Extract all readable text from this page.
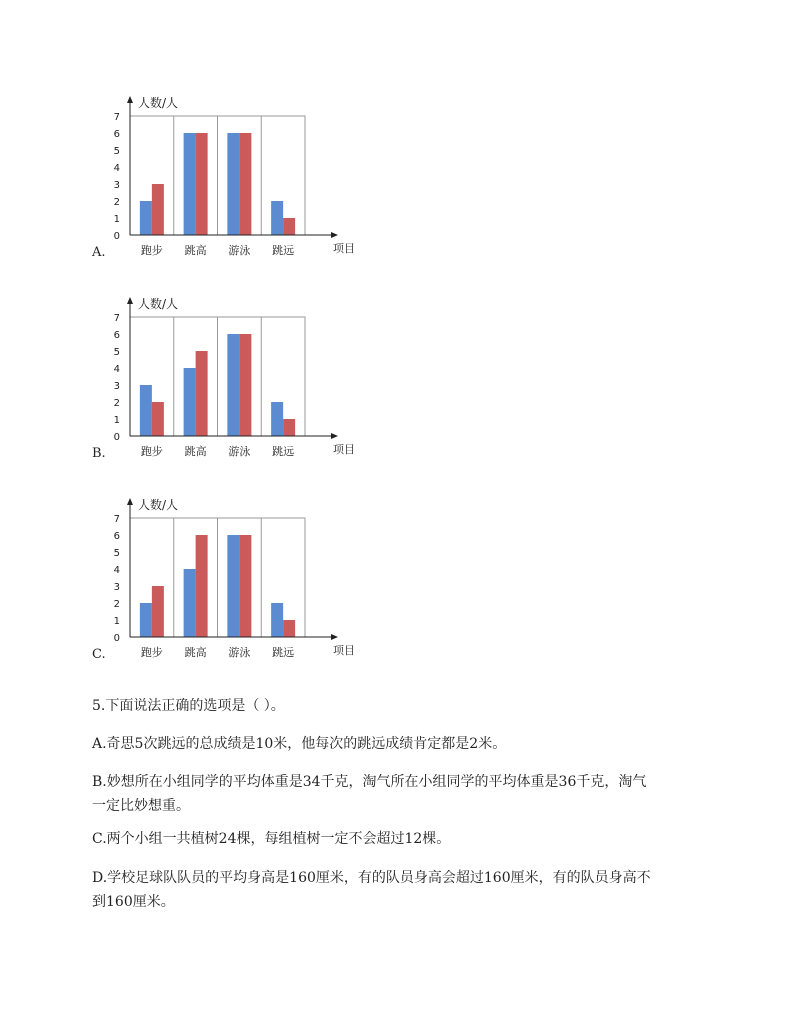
0
1
2
3
4
5
6
7
人数/人
跑步 跳高 游泳 跳远	项目
A.
0
1
2
3
4
5
6
7
人数/人
跑步 跳高 游泳 跳远	项目
B.
0
1
2
3
4
5
6
7
人数/人
跑步 跳高 游泳 跳远	项目
C.
5.下面说法正确的选项是（ ）。
A.奇思5次跳远的总成绩是10米，他每次的跳远成绩肯定都是2米。
B.妙想所在小组同学的平均体重是34千克，淘气所在小组同学的平均体重是36千克，淘气
一定比妙想重。
C.两个小组一共植树24棵，每组植树一定不会超过12棵。
D.学校足球队队员的平均身高是160厘米，有的队员身高会超过160厘米，有的队员身高不
到160厘米。
